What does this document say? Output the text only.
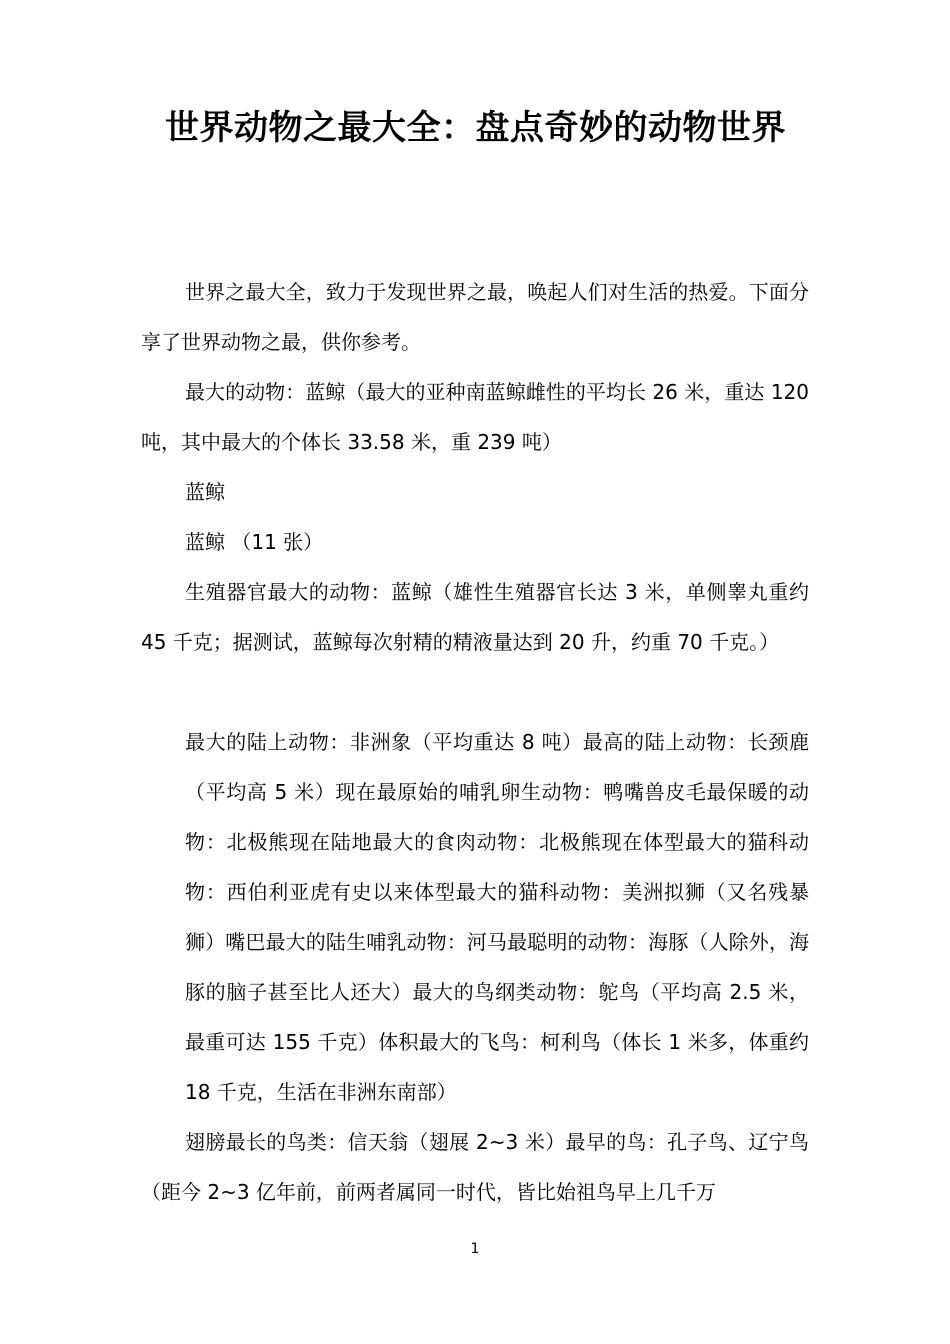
世界动物之最大全：盘点奇妙的动物世界

世界之最大全，致力于发现世界之最，唤起人们对生活的热爱。下面分享了世界动物之最，供你参考。

最大的动物：蓝鲸（最大的亚种南蓝鲸雌性的平均长 26 米，重达 120 吨，其中最大的个体长 33.58 米，重 239 吨）

蓝鲸

蓝鲸 （11 张）

生殖器官最大的动物：蓝鲸（雄性生殖器官长达 3 米，单侧睾丸重约 45 千克；据测试，蓝鲸每次射精的精液量达到 20 升，约重 70 千克。）

最大的陆上动物：非洲象（平均重达 8 吨）最高的陆上动物：长颈鹿（平均高 5 米）现在最原始的哺乳卵生动物：鸭嘴兽皮毛最保暖的动物：北极熊现在陆地最大的食肉动物：北极熊现在体型最大的猫科动物：西伯利亚虎有史以来体型最大的猫科动物：美洲拟狮（又名残暴狮）嘴巴最大的陆生哺乳动物：河马最聪明的动物：海豚（人除外，海豚的脑子甚至比人还大）最大的鸟纲类动物：鸵鸟（平均高 2.5 米，最重可达 155 千克）体积最大的飞鸟：柯利鸟（体长 1 米多，体重约 18 千克，生活在非洲东南部）

翅膀最长的鸟类：信天翁（翅展 2~3 米）最早的鸟：孔子鸟、辽宁鸟（距今 2~3 亿年前，前两者属同一时代，皆比始祖鸟早上几千万

1
